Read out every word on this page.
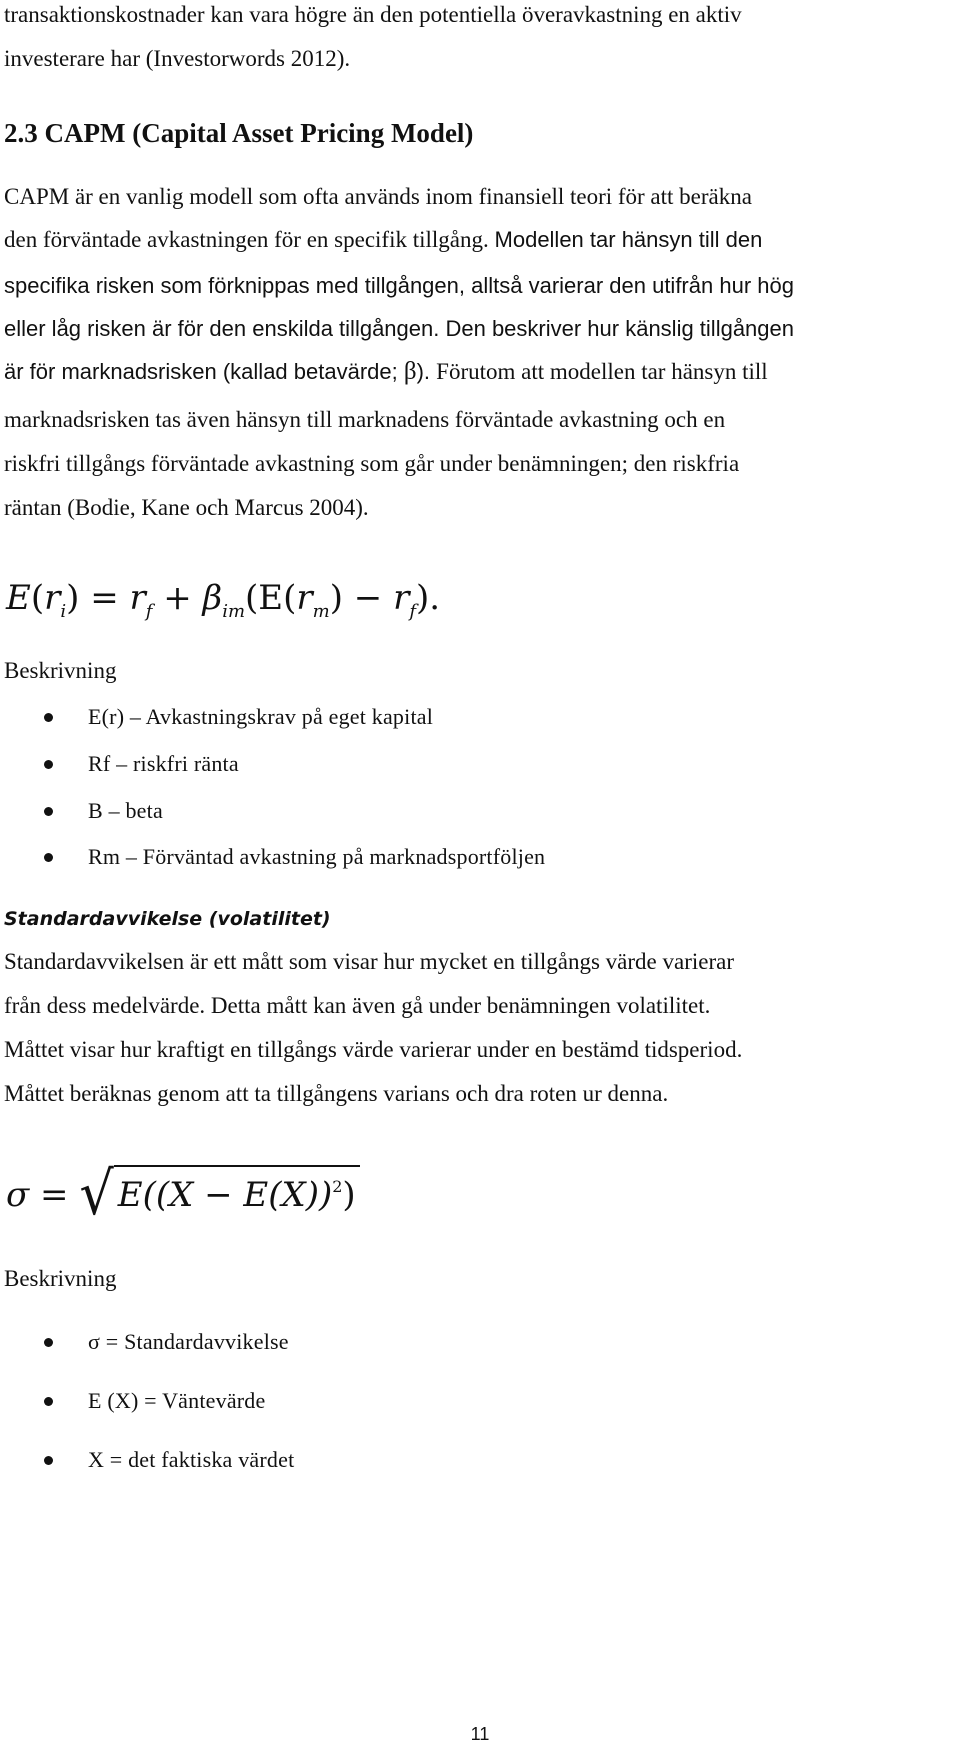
transaktionskostnader kan vara högre än den potentiella överavkastning en aktiv
investerare har (Investorwords 2012).
2.3 CAPM (Capital Asset Pricing Model)
CAPM är en vanlig modell som ofta används inom finansiell teori för att beräkna
den förväntade avkastningen för en specifik tillgång. Modellen tar hänsyn till den
specifika risken som förknippas med tillgången, alltså varierar den utifrån hur hög
eller låg risken är för den enskilda tillgången. Den beskriver hur känslig tillgången
är för marknadsrisken (kallad betavärde; β). Förutom att modellen tar hänsyn till
marknadsrisken tas även hänsyn till marknadens förväntade avkastning och en
riskfri tillgångs förväntade avkastning som går under benämningen; den riskfria
räntan (Bodie, Kane och Marcus 2004).
Beskrivning
Standardavvikelse (volatilitet)
Standardavvikelsen är ett mått som visar hur mycket en tillgångs värde varierar
från dess medelvärde. Detta mått kan även gå under benämningen volatilitet.
Måttet visar hur kraftigt en tillgångs värde varierar under en bestämd tidsperiod.
Måttet beräknas genom att ta tillgångens varians och dra roten ur denna.
Beskrivning
$E(r_i) = r_f + \beta_{im}(E(r_m) - r_f)$.
E(r) – Avkastningskrav på eget kapital
Rf – riskfri ränta
B – beta
Rm – Förväntad avkastning på marknadsportföljen
σ = √ $E((X - E(X))^2)$
σ = Standardavvikelse
E (X) = Väntevärde
X = det faktiska värdet
11
